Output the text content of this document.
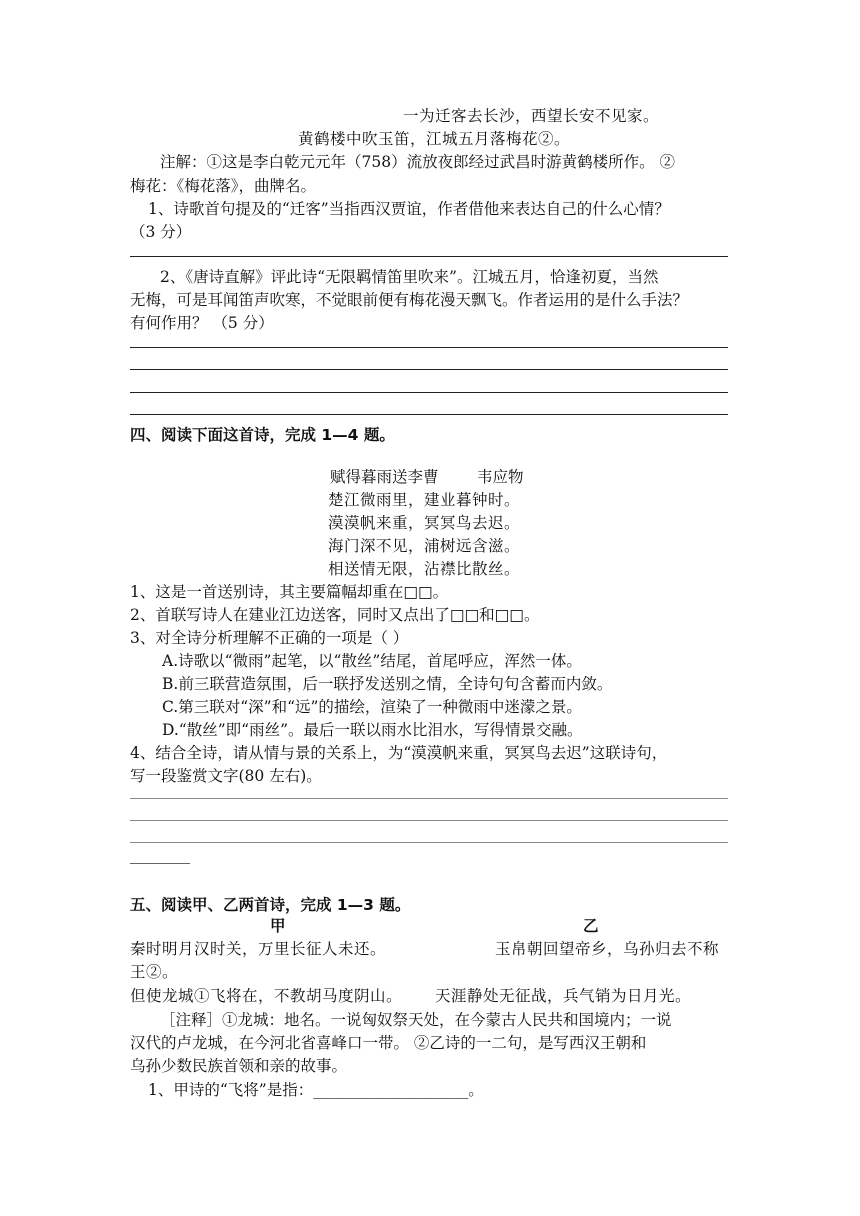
一为迁客去长沙，西望长安不见家。
黄鹤楼中吹玉笛，江城五月落梅花②。
注解：①这是李白乾元元年（758）流放夜郎经过武昌时游黄鹤楼所作。 ②
梅花：《梅花落》，曲牌名。
1、诗歌首句提及的“迁客”当指西汉贾谊，作者借他来表达自己的什么心情？
（3 分）
2、《唐诗直解》评此诗“无限羁情笛里吹来”。江城五月，恰逢初夏，当然
无梅，可是耳闻笛声吹寒，不觉眼前便有梅花漫天飘飞。作者运用的是什么手法？
有何作用？ （5 分）
四、阅读下面这首诗，完成 1—4 题。
赋得暮雨送李曹 韦应物
楚江微雨里，建业暮钟时。
漠漠帆来重，冥冥鸟去迟。
海门深不见，浦树远含滋。
相送情无限，沾襟比散丝。
1、这是一首送别诗，其主要篇幅却重在□□。
2、首联写诗人在建业江边送客，同时又点出了□□和□□。
3、对全诗分析理解不正确的一项是（ ）
A.诗歌以“微雨”起笔，以“散丝”结尾，首尾呼应，浑然一体。
B.前三联营造氛围，后一联抒发送别之情，全诗句句含蓄而内敛。
C.第三联对“深”和“远”的描绘，渲染了一种微雨中迷濛之景。
D.“散丝”即“雨丝”。最后一联以雨水比泪水，写得情景交融。
4、结合全诗，请从情与景的关系上，为“漠漠帆来重，冥冥鸟去迟”这联诗句，
写一段鉴赏文字(80 左右)。
五、阅读甲、乙两首诗，完成 1—3 题。
甲	乙
秦时明月汉时关，万里长征人未还。	玉帛朝回望帝乡，乌孙归去不称
王②。
但使龙城①飞将在，不教胡马度阴山。 天涯静处无征战，兵气销为日月光。
［注释］①龙城：地名。一说匈奴祭天处，在今蒙古人民共和国境内；一说
汉代的卢龙城，在今河北省喜峰口一带。 ②乙诗的一二句，是写西汉王朝和
乌孙少数民族首领和亲的故事。
1、甲诗的“飞将”是指：____________________。
